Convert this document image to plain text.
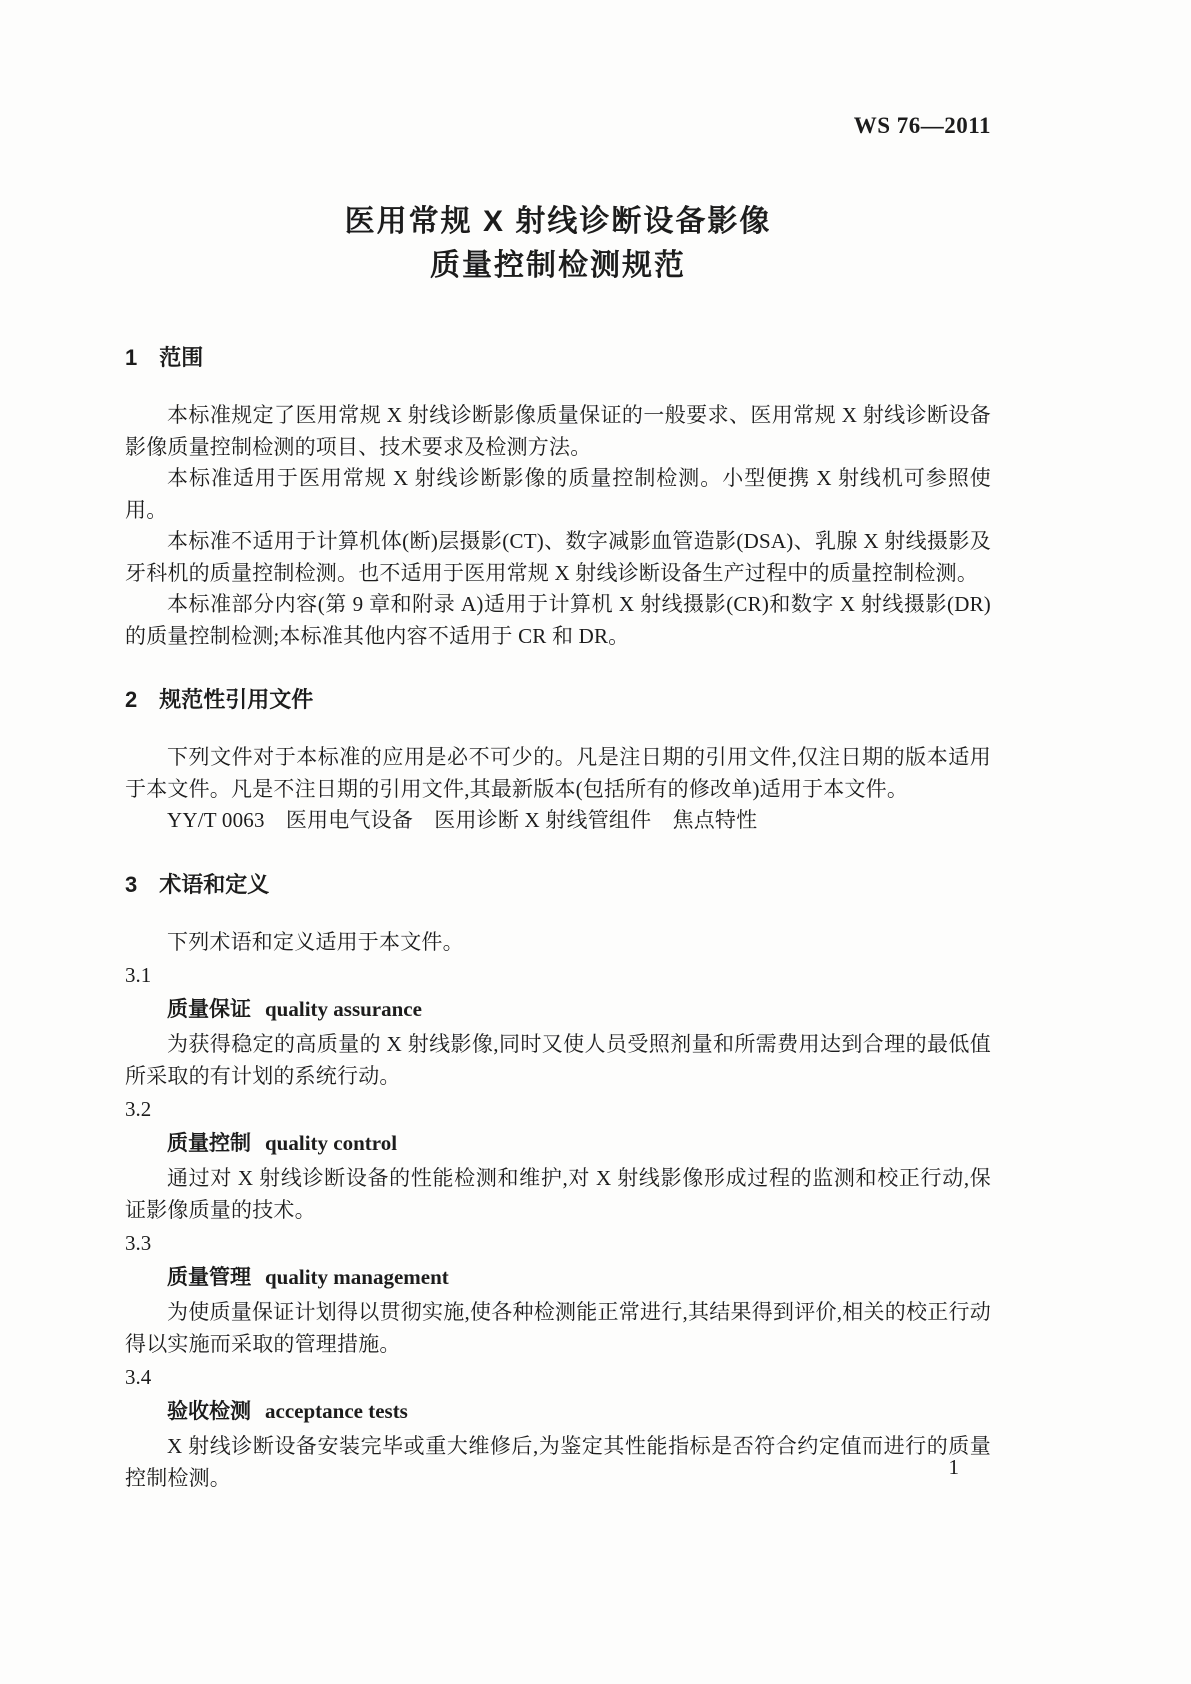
WS 76—2011
医用常规 X 射线诊断设备影像
质量控制检测规范
1 范围

本标准规定了医用常规 X 射线诊断影像质量保证的一般要求、医用常规 X 射线诊断设备影像质量控制检测的项目、技术要求及检测方法。

本标准适用于医用常规 X 射线诊断影像的质量控制检测。小型便携 X 射线机可参照使用。

本标准不适用于计算机体(断)层摄影(CT)、数字减影血管造影(DSA)、乳腺 X 射线摄影及牙科机的质量控制检测。也不适用于医用常规 X 射线诊断设备生产过程中的质量控制检测。

本标准部分内容(第 9 章和附录 A)适用于计算机 X 射线摄影(CR)和数字 X 射线摄影(DR)的质量控制检测;本标准其他内容不适用于 CR 和 DR。

2 规范性引用文件

下列文件对于本标准的应用是必不可少的。凡是注日期的引用文件,仅注日期的版本适用于本文件。凡是不注日期的引用文件,其最新版本(包括所有的修改单)适用于本文件。

YY/T 0063　医用电气设备　医用诊断 X 射线管组件　焦点特性
3 术语和定义

下列术语和定义适用于本文件。

3.1
质量保证 quality assurance

为获得稳定的高质量的 X 射线影像,同时又使人员受照剂量和所需费用达到合理的最低值所采取的有计划的系统行动。

3.2
质量控制 quality control

通过对 X 射线诊断设备的性能检测和维护,对 X 射线影像形成过程的监测和校正行动,保证影像质量的技术。

3.3
质量管理 quality management

为使质量保证计划得以贯彻实施,使各种检测能正常进行,其结果得到评价,相关的校正行动得以实施而采取的管理措施。

3.4
验收检测 acceptance tests

X 射线诊断设备安装完毕或重大维修后,为鉴定其性能指标是否符合约定值而进行的质量控制检测。	1
